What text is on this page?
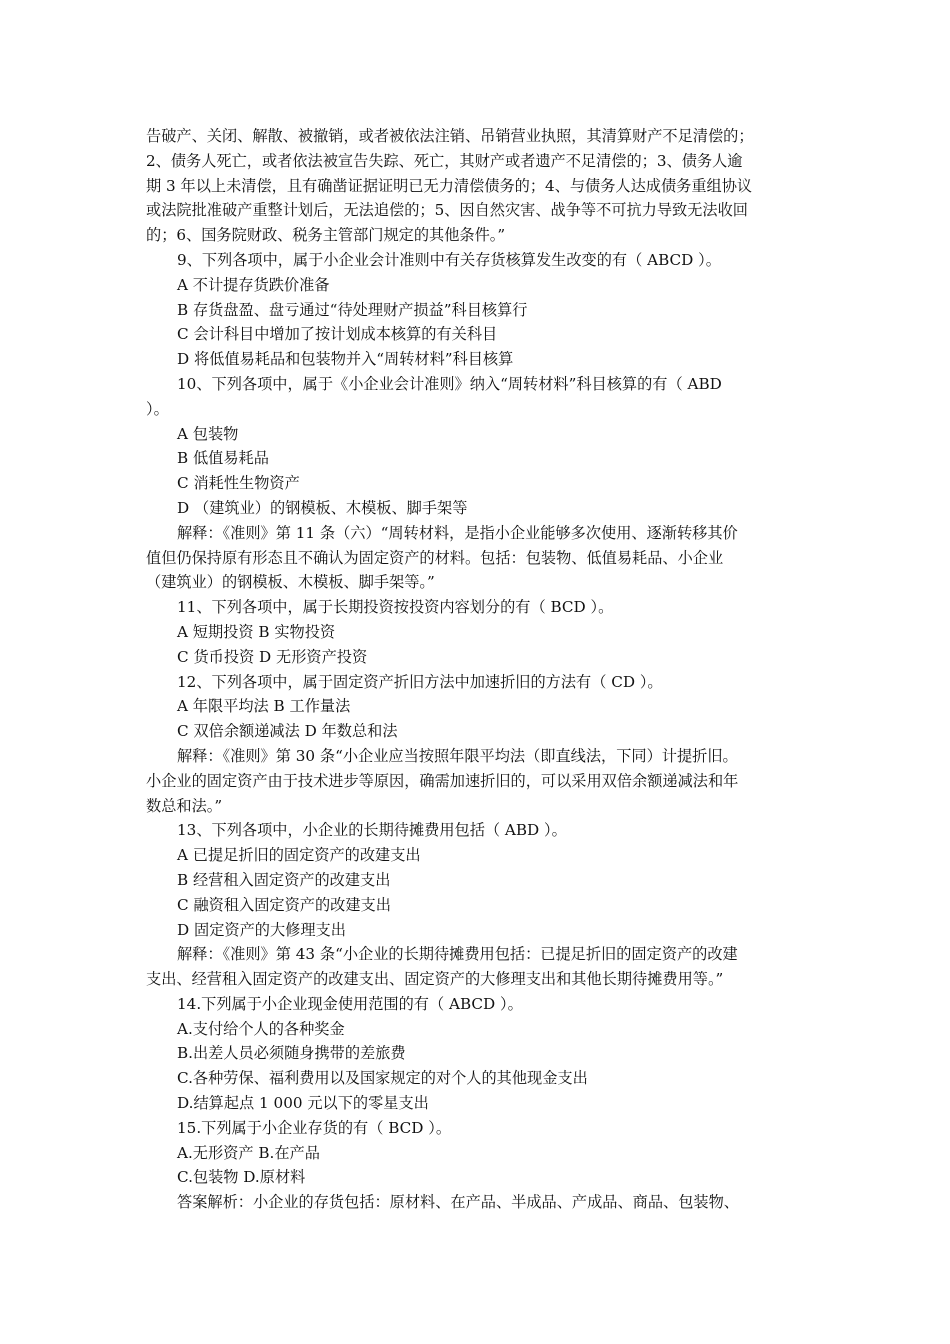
告破产、关闭、解散、被撤销，或者被依法注销、吊销营业执照，其清算财产不足清偿的；
2、债务人死亡，或者依法被宣告失踪、死亡，其财产或者遗产不足清偿的；3、债务人逾
期 3 年以上未清偿，且有确凿证据证明已无力清偿债务的；4、与债务人达成债务重组协议
或法院批准破产重整计划后，无法追偿的；5、因自然灾害、战争等不可抗力导致无法收回
的；6、国务院财政、税务主管部门规定的其他条件。”
9、下列各项中，属于小企业会计准则中有关存货核算发生改变的有（ ABCD ）。
A 不计提存货跌价准备
B 存货盘盈、盘亏通过“待处理财产损益”科目核算行
C 会计科目中增加了按计划成本核算的有关科目
D 将低值易耗品和包装物并入“周转材料”科目核算
10、下列各项中，属于《小企业会计准则》纳入“周转材料”科目核算的有（ ABD
）。
A 包装物
B 低值易耗品
C 消耗性生物资产
D （建筑业）的钢模板、木模板、脚手架等
解释：《准则》第 11 条（六）“周转材料，是指小企业能够多次使用、逐渐转移其价
值但仍保持原有形态且不确认为固定资产的材料。包括：包装物、低值易耗品、小企业
（建筑业）的钢模板、木模板、脚手架等。”
11、下列各项中，属于长期投资按投资内容划分的有（ BCD ）。
A 短期投资 B 实物投资
C 货币投资 D 无形资产投资
12、下列各项中，属于固定资产折旧方法中加速折旧的方法有（ CD ）。
A 年限平均法 B 工作量法
C 双倍余额递减法 D 年数总和法
解释：《准则》第 30 条“小企业应当按照年限平均法（即直线法，下同）计提折旧。
小企业的固定资产由于技术进步等原因，确需加速折旧的，可以采用双倍余额递减法和年
数总和法。”
13、下列各项中，小企业的长期待摊费用包括（ ABD ）。
A 已提足折旧的固定资产的改建支出
B 经营租入固定资产的改建支出
C 融资租入固定资产的改建支出
D 固定资产的大修理支出
解释：《准则》第 43 条“小企业的长期待摊费用包括：已提足折旧的固定资产的改建
支出、经营租入固定资产的改建支出、固定资产的大修理支出和其他长期待摊费用等。”
14.下列属于小企业现金使用范围的有（ ABCD ）。
A.支付给个人的各种奖金
B.出差人员必须随身携带的差旅费
C.各种劳保、福利费用以及国家规定的对个人的其他现金支出
D.结算起点 1 000 元以下的零星支出
15.下列属于小企业存货的有（ BCD ）。
A.无形资产 B.在产品
C.包装物 D.原材料
答案解析：小企业的存货包括：原材料、在产品、半成品、产成品、商品、包装物、
